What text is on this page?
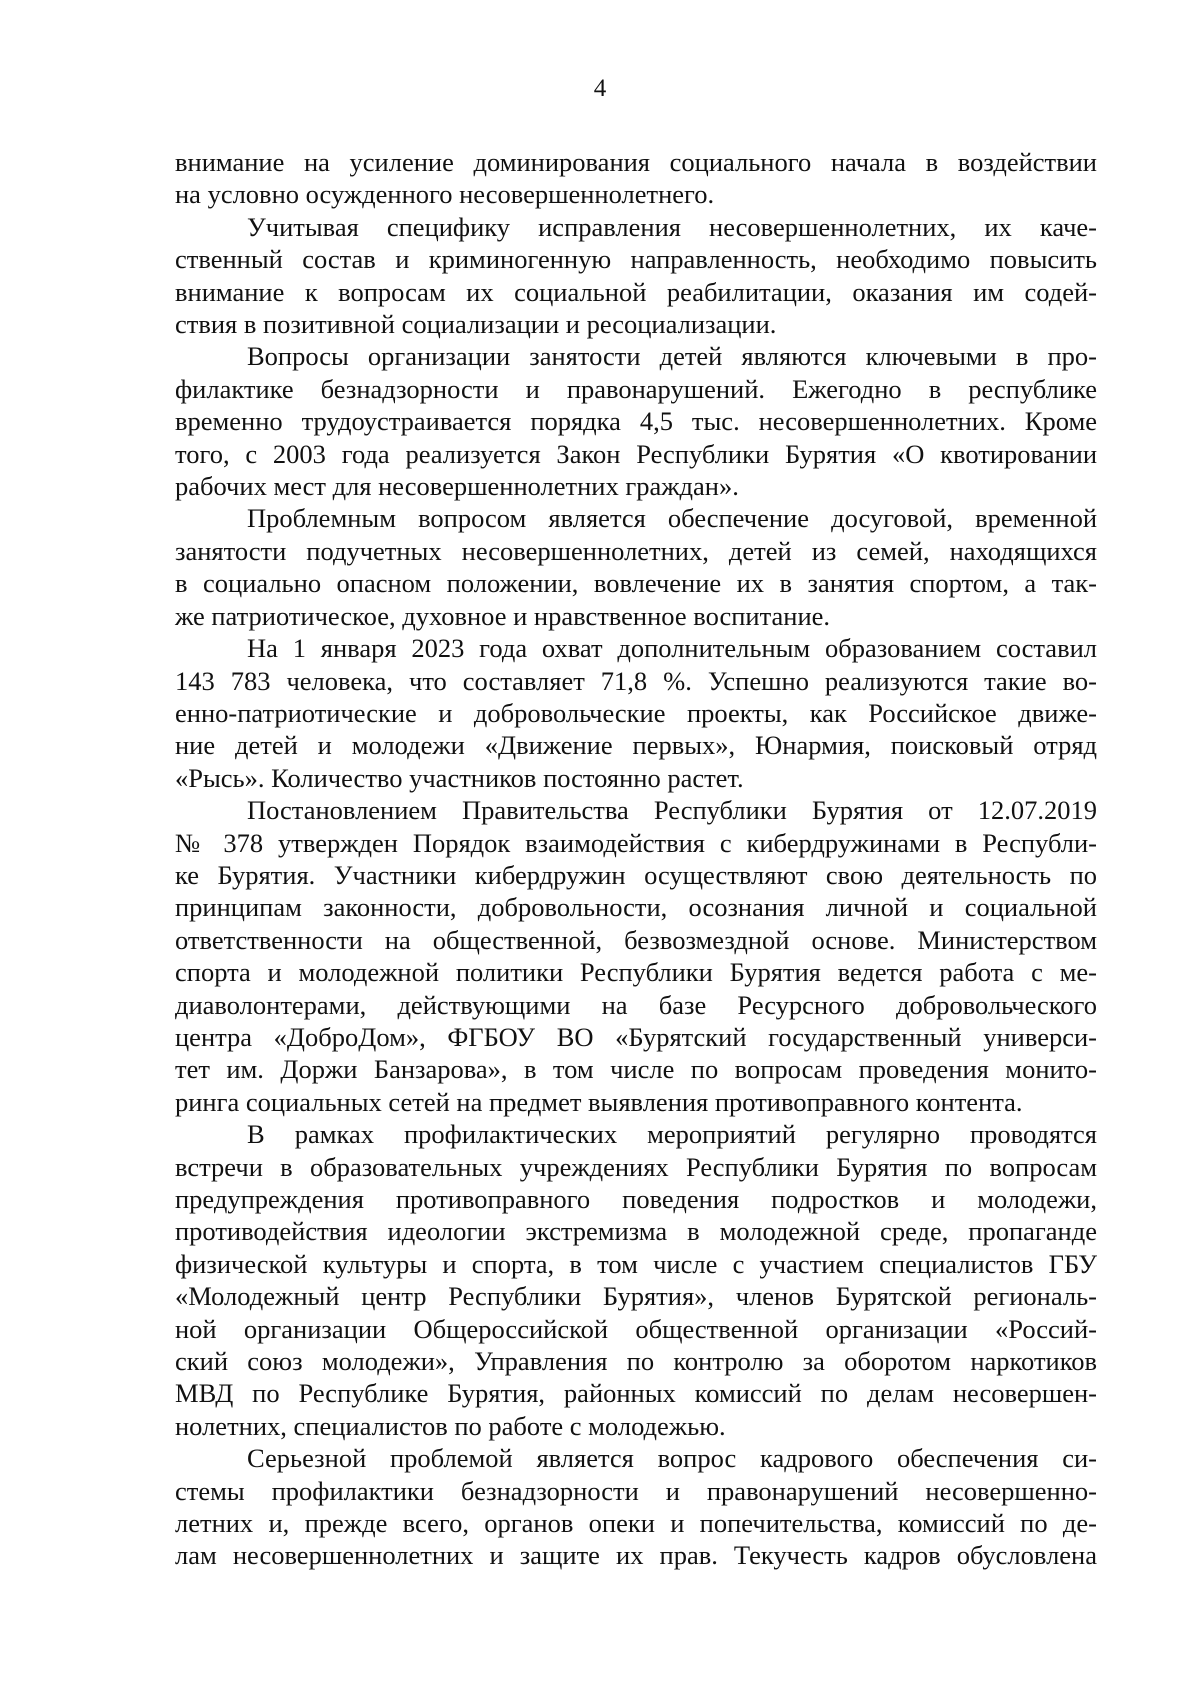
4
внимание на усиление доминирования социального начала в воздействии
на условно осужденного несовершеннолетнего.
Учитывая специфику исправления несовершеннолетних, их каче-
ственный состав и криминогенную направленность, необходимо повысить
внимание к вопросам их социальной реабилитации, оказания им содей-
ствия в позитивной социализации и ресоциализации.
Вопросы организации занятости детей являются ключевыми в про-
филактике безнадзорности и правонарушений. Ежегодно в республике
временно трудоустраивается порядка 4,5 тыс. несовершеннолетних. Кроме
того, с 2003 года реализуется Закон Республики Бурятия «О квотировании
рабочих мест для несовершеннолетних граждан».
Проблемным вопросом является обеспечение досуговой, временной
занятости подучетных несовершеннолетних, детей из семей, находящихся
в социально опасном положении, вовлечение их в занятия спортом, а так-
же патриотическое, духовное и нравственное воспитание.
На 1 января 2023 года охват дополнительным образованием составил
143 783 человека, что составляет 71,8 %. Успешно реализуются такие во-
енно-патриотические и добровольческие проекты, как Российское движе-
ние детей и молодежи «Движение первых», Юнармия, поисковый отряд
«Рысь». Количество участников постоянно растет.
Постановлением Правительства Республики Бурятия от 12.07.2019
№ 378 утвержден Порядок взаимодействия с кибердружинами в Республи-
ке Бурятия. Участники кибердружин осуществляют свою деятельность по
принципам законности, добровольности, осознания личной и социальной
ответственности на общественной, безвозмездной основе. Министерством
спорта и молодежной политики Республики Бурятия ведется работа с ме-
диаволонтерами, действующими на базе Ресурсного добровольческого
центра «ДоброДом», ФГБОУ ВО «Бурятский государственный универси-
тет им. Доржи Банзарова», в том числе по вопросам проведения монито-
ринга социальных сетей на предмет выявления противоправного контента.
В рамках профилактических мероприятий регулярно проводятся
встречи в образовательных учреждениях Республики Бурятия по вопросам
предупреждения противоправного поведения подростков и молодежи,
противодействия идеологии экстремизма в молодежной среде, пропаганде
физической культуры и спорта, в том числе с участием специалистов ГБУ
«Молодежный центр Республики Бурятия», членов Бурятской региональ-
ной организации Общероссийской общественной организации «Россий-
ский союз молодежи», Управления по контролю за оборотом наркотиков
МВД по Республике Бурятия, районных комиссий по делам несовершен-
нолетних, специалистов по работе с молодежью.
Серьезной проблемой является вопрос кадрового обеспечения си-
стемы профилактики безнадзорности и правонарушений несовершенно-
летних и, прежде всего, органов опеки и попечительства, комиссий по де-
лам несовершеннолетних и защите их прав. Текучесть кадров обусловлена
